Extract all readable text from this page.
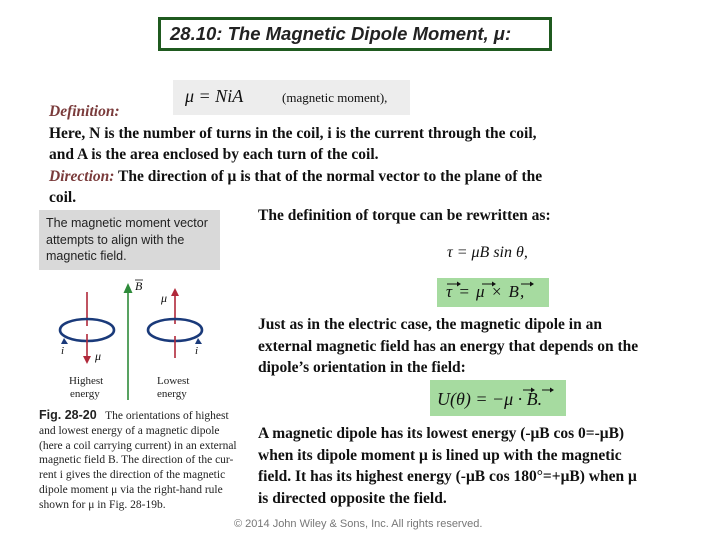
28.10: The Magnetic Dipole Moment, μ:
μ = NiA	(magnetic moment),
Definition:
Here, N is the number of turns in the coil, i is the current through the coil,
and A is the area enclosed by each turn of the coil.
Direction: The direction of μ is that of the normal vector to the plane of the
coil.
The magnetic moment vector
attempts to align with the
magnetic field.
The definition of torque can be rewritten as:
τ = μB sin θ,
τ = μ × B,
Just as in the electric case, the magnetic dipole in an
external magnetic field has an energy that depends on the
dipole’s orientation in the field:
U(θ) = −μ · B.
A magnetic dipole has its lowest energy (-μB cos 0=-μB)
when its dipole moment μ is lined up with the magnetic
field. It has its highest energy (-μB cos 180°=+μB) when μ
is directed opposite the field.
μ
i
B
μ
i
Highest
energy
Lowest
energy
Fig. 28-20 The orientations of highest
and lowest energy of a magnetic dipole
(here a coil carrying current) in an external
magnetic field B. The direction of the cur-
rent i gives the direction of the magnetic
dipole moment μ via the right-hand rule
shown for μ in Fig. 28-19b.
© 2014 John Wiley & Sons, Inc. All rights reserved.
